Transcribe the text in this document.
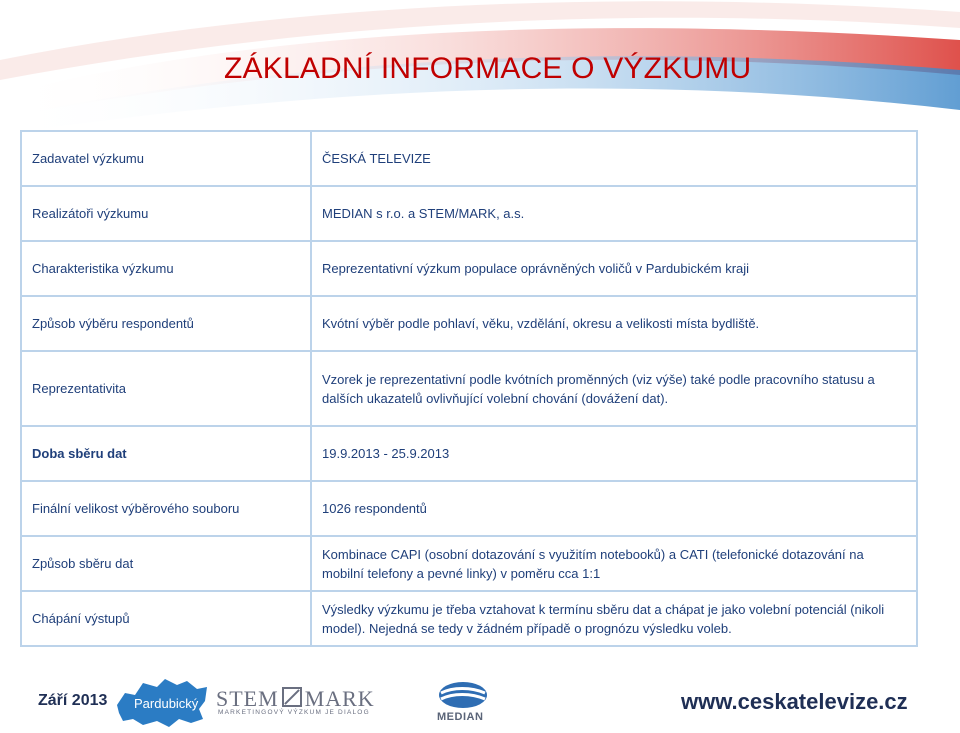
ZÁKLADNÍ INFORMACE O VÝZKUMU
Zadavatel výzkumu	ČESKÁ TELEVIZE
Realizátoři výzkumu	MEDIAN s r.o. a STEM/MARK, a.s.
Charakteristika výzkumu	Reprezentativní výzkum populace oprávněných voličů v Pardubickém kraji
Způsob výběru respondentů	Kvótní výběr podle pohlaví, věku, vzdělání, okresu a velikosti místa bydliště.
Reprezentativita	Vzorek je reprezentativní podle kvótních proměnných (viz výše) také podle pracovního statusu a dalších ukazatelů ovlivňující volební chování (dovážení dat).
Doba sběru dat	19.9.2013 - 25.9.2013
Finální velikost výběrového souboru	1026 respondentů
Způsob sběru dat	Kombinace CAPI (osobní dotazování s využitím notebooků) a CATI (telefonické dotazování na mobilní telefony a pevné linky) v poměru cca 1:1
Chápání výstupů	Výsledky výzkumu je třeba vztahovat k termínu sběru dat a chápat je jako volební potenciál (nikoli model). Nejedná se tedy v žádném případě o prognózu výsledku voleb.
Září 2013 Pardubický STEM MARK
MARKETINGOVÝ VÝZKUM JE DIALOG	MEDIAN
www.ceskatelevize.cz
